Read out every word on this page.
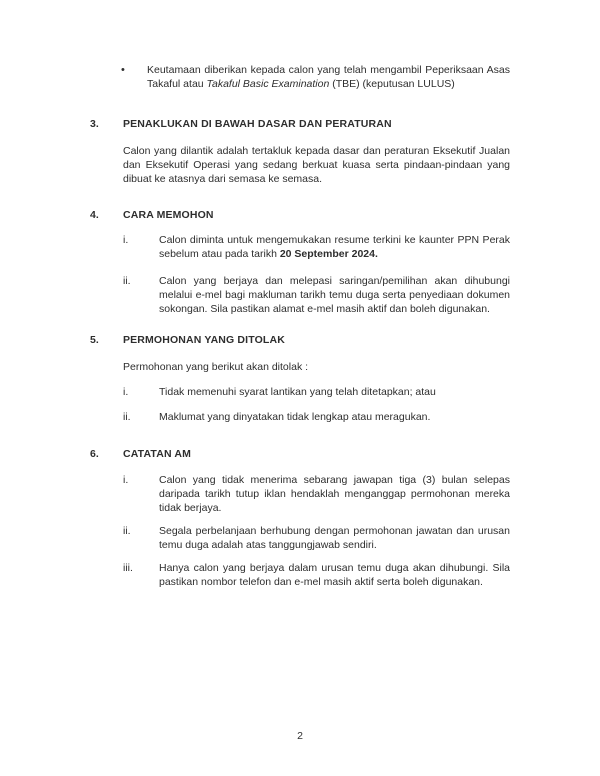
•	Keutamaan diberikan kepada calon yang telah mengambil Peperiksaan Asas Takaful atau Takaful Basic Examination (TBE) (keputusan LULUS)

3.	PENAKLUKAN DI BAWAH DASAR DAN PERATURAN

Calon yang dilantik adalah tertakluk kepada dasar dan peraturan Eksekutif Jualan dan Eksekutif Operasi yang sedang berkuat kuasa serta pindaan-pindaan yang dibuat ke atasnya dari semasa ke semasa.

4.	CARA MEMOHON
i.	Calon diminta untuk mengemukakan resume terkini ke kaunter PPN Perak sebelum atau pada tarikh 20 September 2024.

ii.	Calon yang berjaya dan melepasi saringan/pemilihan akan dihubungi melalui e-mel bagi makluman tarikh temu duga serta penyediaan dokumen sokongan. Sila pastikan alamat e-mel masih aktif dan boleh digunakan.

5.	PERMOHONAN YANG DITOLAK

Permohonan yang berikut akan ditolak :

i.	Tidak memenuhi syarat lantikan yang telah ditetapkan; atau

ii.	Maklumat yang dinyatakan tidak lengkap atau meragukan.

6.	CATATAN AM
i.	Calon yang tidak menerima sebarang jawapan tiga (3) bulan selepas daripada tarikh tutup iklan hendaklah menganggap permohonan mereka tidak berjaya.

ii.	Segala perbelanjaan berhubung dengan permohonan jawatan dan urusan temu duga adalah atas tanggungjawab sendiri.

iii.	Hanya calon yang berjaya dalam urusan temu duga akan dihubungi. Sila pastikan nombor telefon dan e-mel masih aktif serta boleh digunakan.

2
